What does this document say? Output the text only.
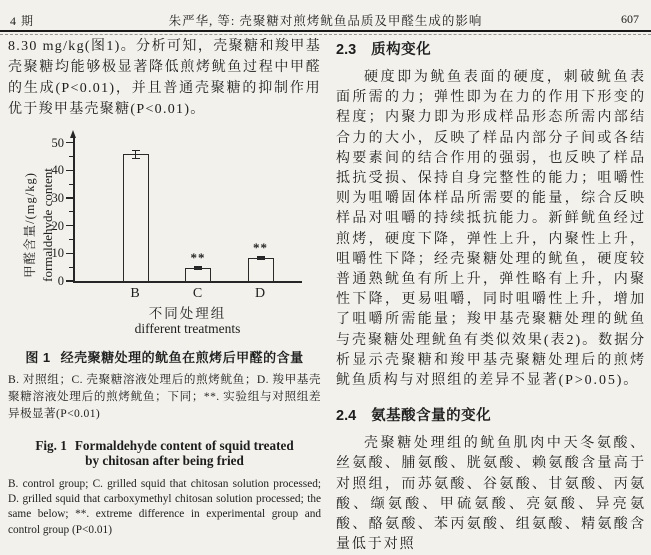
4 期	朱严华, 等: 壳聚糖对煎烤鱿鱼品质及甲醛生成的影响	607

8.30 mg/kg(图1)。分析可知，壳聚糖和羧甲基壳聚糖均能够极显著降低煎烤鱿鱼过程中甲醛的生成(P<0.01)，并且普通壳聚糖的抑制作用优于羧甲基壳聚糖(P<0.01)。

甲醛含量/(mg/kg) formaldehyde content
不同处理组
different treatments
0
10
20
30
40
50
B
**
C
**
D
图 1 经壳聚糖处理的鱿鱼在煎烤后甲醛的含量

B. 对照组；C. 壳聚糖溶液处理后的煎烤鱿鱼；D. 羧甲基壳聚糖溶液处理后的煎烤鱿鱼；下同；**. 实验组与对照组差异极显著(P<0.01)

Fig. 1 Formaldehyde content of squid treated by chitosan after being fried

B. control group; C. grilled squid that chitosan solution processed; D. grilled squid that carboxymethyl chitosan solution processed; the same below; **. extreme difference in experimental group and control group (P<0.01)

2.3 质构变化

硬度即为鱿鱼表面的硬度，刺破鱿鱼表面所需的力；弹性即为在力的作用下形变的程度；内聚力即为形成样品形态所需内部结合力的大小，反映了样品内部分子间或各结构要素间的结合作用的强弱，也反映了样品抵抗受损、保持自身完整性的能力；咀嚼性则为咀嚼固体样品所需要的能量，综合反映样品对咀嚼的持续抵抗能力。新鲜鱿鱼经过煎烤，硬度下降，弹性上升，内聚性上升，咀嚼性下降；经壳聚糖处理的鱿鱼，硬度较普通熟鱿鱼有所上升，弹性略有上升，内聚性下降，更易咀嚼，同时咀嚼性上升，增加了咀嚼所需能量；羧甲基壳聚糖处理的鱿鱼与壳聚糖处理鱿鱼有类似效果(表2)。数据分析显示壳聚糖和羧甲基壳聚糖处理后的煎烤鱿鱼质构与对照组的差异不显著(P>0.05)。

2.4 氨基酸含量的变化

壳聚糖处理组的鱿鱼肌肉中天冬氨酸、丝氨酸、脯氨酸、胱氨酸、赖氨酸含量高于对照组，而苏氨酸、谷氨酸、甘氨酸、丙氨酸、缬氨酸、甲硫氨酸、亮氨酸、异亮氨酸、酪氨酸、苯丙氨酸、组氨酸、精氨酸含量低于对照
